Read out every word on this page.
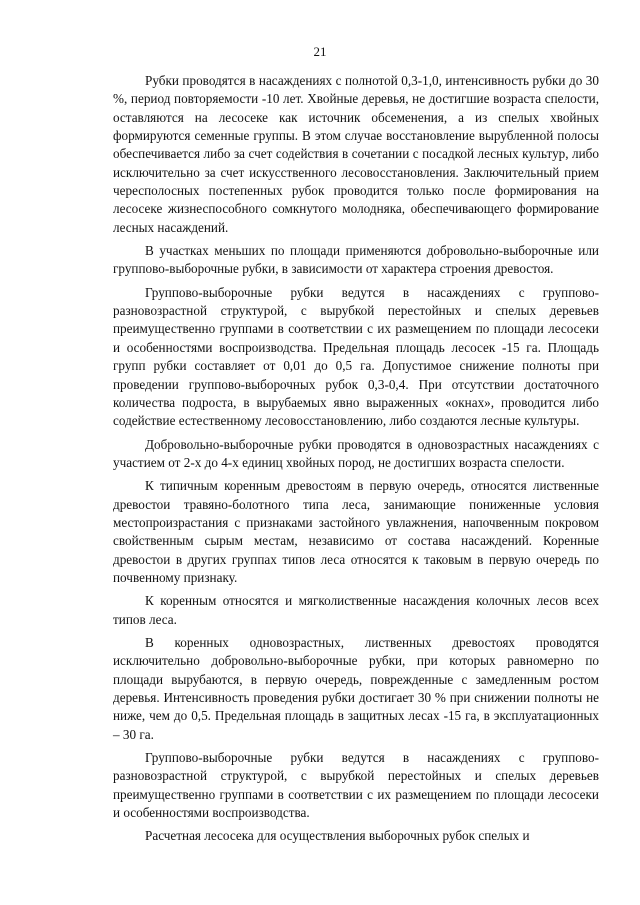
21

Рубки проводятся в насаждениях с полнотой 0,3-1,0, интенсивность рубки до 30 %, период повторяемости -10 лет. Хвойные деревья, не достигшие возраста спелости, оставляются на лесосеке как источник обсеменения, а из спелых хвойных формируются семенные группы. В этом случае восстановление вырубленной полосы обеспечивается либо за счет содействия в сочетании с посадкой лесных культур, либо исключительно за счет искусственного лесовосстановления. Заключительный прием чересполосных постепенных рубок проводится только после формирования на лесосеке жизнеспособного сомкнутого молодняка, обеспечивающего формирование лесных насаждений.

В участках меньших по площади применяются добровольно-выборочные или группово-выборочные рубки, в зависимости от характера строения древостоя.

Группово-выборочные рубки ведутся в насаждениях с группово-разновозрастной структурой, с вырубкой перестойных и спелых деревьев преимущественно группами в соответствии с их размещением по площади лесосеки и особенностями воспроизводства. Предельная площадь лесосек -15 га. Площадь групп рубки составляет от 0,01 до 0,5 га. Допустимое снижение полноты при проведении группово-выборочных рубок 0,3-0,4. При отсутствии достаточного количества подроста, в вырубаемых явно выраженных «окнах», проводится либо содействие естественному лесовосстановлению, либо создаются лесные культуры.

Добровольно-выборочные рубки проводятся в одновозрастных насаждениях с участием от 2-х до 4-х единиц хвойных пород, не достигших возраста спелости.

К типичным коренным древостоям в первую очередь, относятся лиственные древостои травяно-болотного типа леса, занимающие пониженные условия местопроизрастания с признаками застойного увлажнения, напочвенным покровом свойственным сырым местам, независимо от состава насаждений. Коренные древостои в других группах типов леса относятся к таковым в первую очередь по почвенному признаку.

К коренным относятся и мягколиственные насаждения колочных лесов всех типов леса.

В коренных одновозрастных, лиственных древостоях проводятся исключительно добровольно-выборочные рубки, при которых равномерно по площади вырубаются, в первую очередь, поврежденные с замедленным ростом деревья. Интенсивность проведения рубки достигает 30 % при снижении полноты не ниже, чем до 0,5. Предельная площадь в защитных лесах -15 га, в эксплуатационных – 30 га.

Группово-выборочные рубки ведутся в насаждениях с группово-разновозрастной структурой, с вырубкой перестойных и спелых деревьев преимущественно группами в соответствии с их размещением по площади лесосеки и особенностями воспроизводства.

Расчетная лесосека для осуществления выборочных рубок спелых и
